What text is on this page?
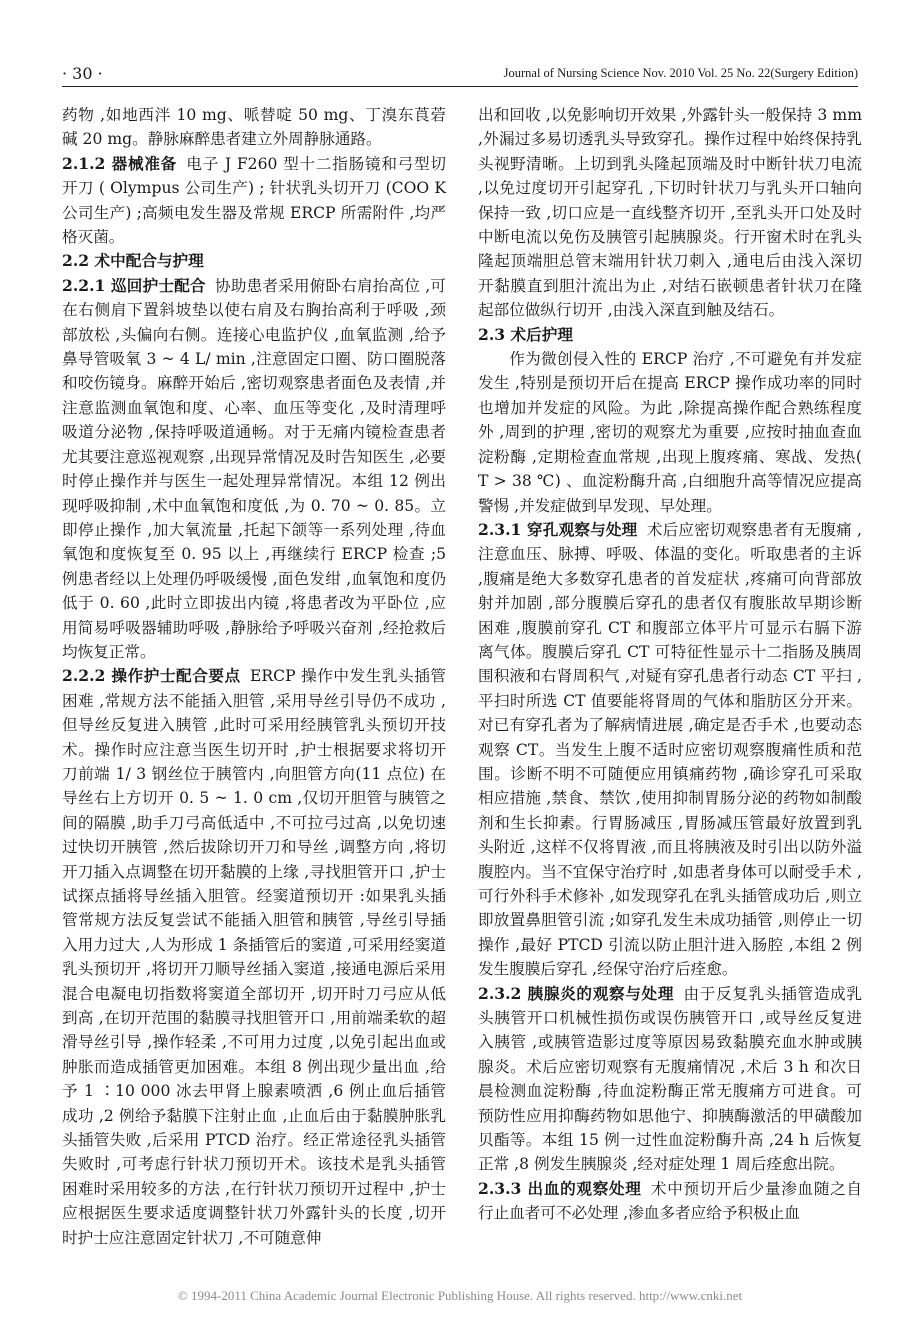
· 30 ·	Journal of Nursing Science Nov. 2010 Vol. 25 No. 22(Surgery Edition)

药物 ,如地西泮 10 mg、哌替啶 50 mg、丁溴东莨菪碱 20 mg。静脉麻醉患者建立外周静脉通路。

2.1.2 器械准备 电子 J F260 型十二指肠镜和弓型切开刀 ( Olympus 公司生产) ; 针状乳头切开刀 (COO K公司生产) ;高频电发生器及常规 ERCP 所需附件 ,均严格灭菌。

2.2 术中配合与护理

2.2.1 巡回护士配合 协助患者采用俯卧右肩抬高位 ,可在右侧肩下置斜坡垫以使右肩及右胸抬高利于呼吸 ,颈部放松 ,头偏向右侧。连接心电监护仪 ,血氧监测 ,给予鼻导管吸氧 3 ~ 4 L/ min ,注意固定口圈、防口圈脱落和咬伤镜身。麻醉开始后 ,密切观察患者面色及表情 ,并注意监测血氧饱和度、心率、血压等变化 ,及时清理呼吸道分泌物 ,保持呼吸道通畅。对于无痛内镜检查患者尤其要注意巡视观察 ,出现异常情况及时告知医生 ,必要时停止操作并与医生一起处理异常情况。本组 12 例出现呼吸抑制 ,术中血氧饱和度低 ,为 0. 70 ~ 0. 85。立即停止操作 ,加大氧流量 ,托起下颌等一系列处理 ,待血氧饱和度恢复至 0. 95 以上 ,再继续行 ERCP 检查 ;5 例患者经以上处理仍呼吸缓慢 ,面色发绀 ,血氧饱和度仍低于 0. 60 ,此时立即拔出内镜 ,将患者改为平卧位 ,应用简易呼吸器辅助呼吸 ,静脉给予呼吸兴奋剂 ,经抢救后均恢复正常。

2.2.2 操作护士配合要点 ERCP 操作中发生乳头插管困难 ,常规方法不能插入胆管 ,采用导丝引导仍不成功 ,但导丝反复进入胰管 ,此时可采用经胰管乳头预切开技术。操作时应注意当医生切开时 ,护士根据要求将切开刀前端 1/ 3 钢丝位于胰管内 ,向胆管方向(11 点位) 在导丝右上方切开 0. 5 ~ 1. 0 cm ,仅切开胆管与胰管之间的隔膜 ,助手刀弓高低适中 ,不可拉弓过高 ,以免切速过快切开胰管 ,然后拔除切开刀和导丝 ,调整方向 ,将切开刀插入点调整在切开黏膜的上缘 ,寻找胆管开口 ,护士试探点插将导丝插入胆管。经窦道预切开 :如果乳头插管常规方法反复尝试不能插入胆管和胰管 ,导丝引导插入用力过大 ,人为形成 1 条插管后的窦道 ,可采用经窦道乳头预切开 ,将切开刀顺导丝插入窦道 ,接通电源后采用混合电凝电切指数将窦道全部切开 ,切开时刀弓应从低到高 ,在切开范围的黏膜寻找胆管开口 ,用前端柔软的超滑导丝引导 ,操作轻柔 ,不可用力过度 ,以免引起出血或肿胀而造成插管更加困难。本组 8 例出现少量出血 ,给予 1 ∶10 000 冰去甲肾上腺素喷洒 ,6 例止血后插管成功 ,2 例给予黏膜下注射止血 ,止血后由于黏膜肿胀乳头插管失败 ,后采用 PTCD 治疗。经正常途径乳头插管失败时 ,可考虑行针状刀预切开术。该技术是乳头插管困难时采用较多的方法 ,在行针状刀预切开过程中 ,护士应根据医生要求适度调整针状刀外露针头的长度 ,切开时护士应注意固定针状刀 ,不可随意伸

出和回收 ,以免影响切开效果 ,外露针头一般保持 3 mm ,外漏过多易切透乳头导致穿孔。操作过程中始终保持乳头视野清晰。上切到乳头隆起顶端及时中断针状刀电流 ,以免过度切开引起穿孔 ,下切时针状刀与乳头开口轴向保持一致 ,切口应是一直线整齐切开 ,至乳头开口处及时中断电流以免伤及胰管引起胰腺炎。行开窗术时在乳头隆起顶端胆总管末端用针状刀刺入 ,通电后由浅入深切开黏膜直到胆汁流出为止 ,对结石嵌顿患者针状刀在隆起部位做纵行切开 ,由浅入深直到触及结石。

2.3 术后护理

作为微创侵入性的 ERCP 治疗 ,不可避免有并发症发生 ,特别是预切开后在提高 ERCP 操作成功率的同时也增加并发症的风险。为此 ,除提高操作配合熟练程度外 ,周到的护理 ,密切的观察尤为重要 ,应按时抽血查血淀粉酶 ,定期检查血常规 ,出现上腹疼痛、寒战、发热( T > 38 ℃) 、血淀粉酶升高 ,白细胞升高等情况应提高警惕 ,并发症做到早发现、早处理。

2.3.1 穿孔观察与处理 术后应密切观察患者有无腹痛 ,注意血压、脉搏、呼吸、体温的变化。听取患者的主诉 ,腹痛是绝大多数穿孔患者的首发症状 ,疼痛可向背部放射并加剧 ,部分腹膜后穿孔的患者仅有腹胀故早期诊断困难 ,腹膜前穿孔 CT 和腹部立体平片可显示右膈下游离气体。腹膜后穿孔 CT 可特征性显示十二指肠及胰周围积液和右肾周积气 ,对疑有穿孔患者行动态 CT 平扫 ,平扫时所选 CT 值要能将肾周的气体和脂肪区分开来。对已有穿孔者为了解病情进展 ,确定是否手术 ,也要动态观察 CT。当发生上腹不适时应密切观察腹痛性质和范围。诊断不明不可随便应用镇痛药物 ,确诊穿孔可采取相应措施 ,禁食、禁饮 ,使用抑制胃肠分泌的药物如制酸剂和生长抑素。行胃肠减压 ,胃肠减压管最好放置到乳头附近 ,这样不仅将胃液 ,而且将胰液及时引出以防外溢腹腔内。当不宜保守治疗时 ,如患者身体可以耐受手术 ,可行外科手术修补 ,如发现穿孔在乳头插管成功后 ,则立即放置鼻胆管引流 ;如穿孔发生未成功插管 ,则停止一切操作 ,最好 PTCD 引流以防止胆汁进入肠腔 ,本组 2 例发生腹膜后穿孔 ,经保守治疗后痊愈。

2.3.2 胰腺炎的观察与处理 由于反复乳头插管造成乳头胰管开口机械性损伤或误伤胰管开口 ,或导丝反复进入胰管 ,或胰管造影过度等原因易致黏膜充血水肿或胰腺炎。术后应密切观察有无腹痛情况 ,术后 3 h 和次日晨检测血淀粉酶 ,待血淀粉酶正常无腹痛方可进食。可预防性应用抑酶药物如思他宁、抑胰酶激活的甲磺酸加贝酯等。本组 15 例一过性血淀粉酶升高 ,24 h 后恢复正常 ,8 例发生胰腺炎 ,经对症处理 1 周后痊愈出院。

2.3.3 出血的观察处理 术中预切开后少量渗血随之自行止血者可不必处理 ,渗血多者应给予积极止血

© 1994-2011 China Academic Journal Electronic Publishing House. All rights reserved. http://www.cnki.net
